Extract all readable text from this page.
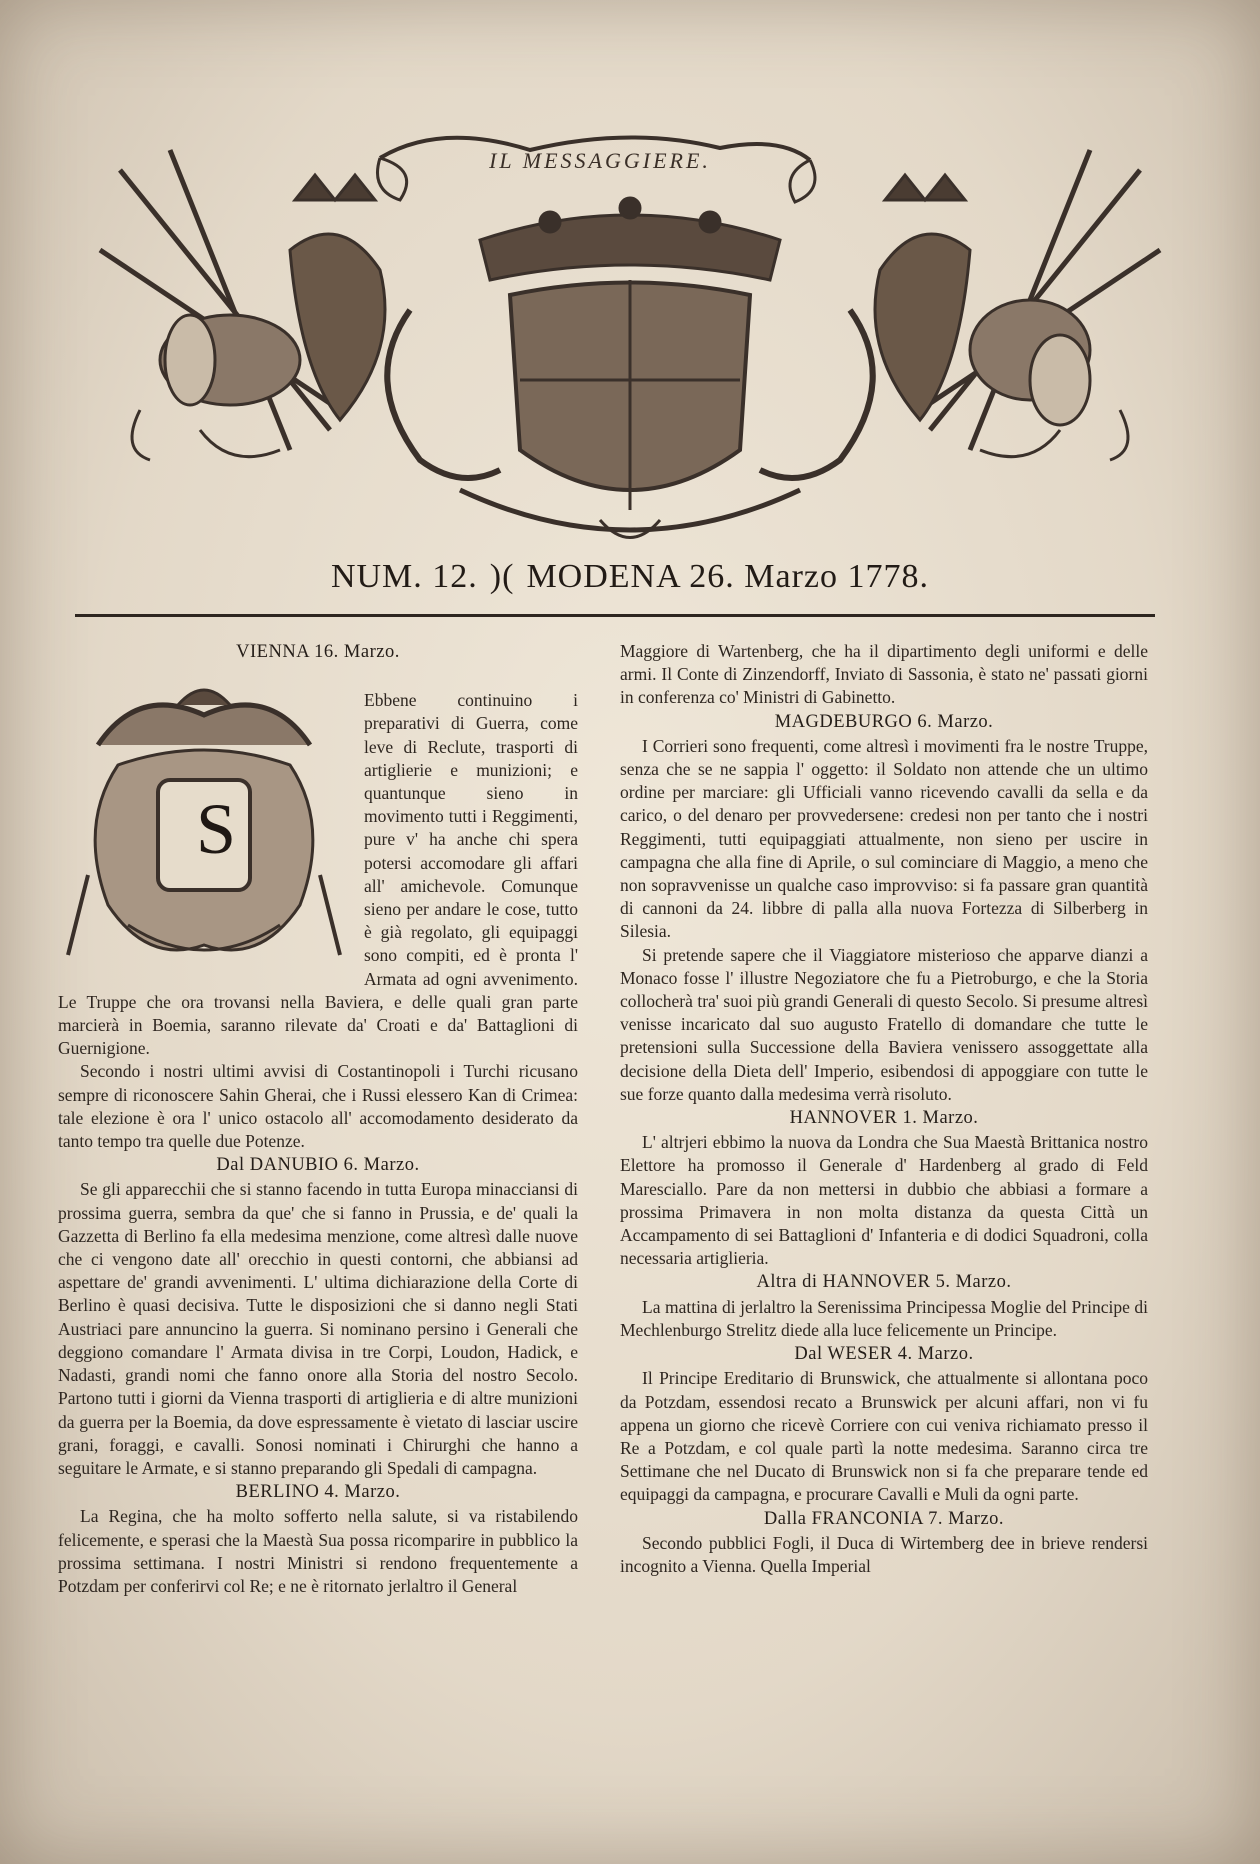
IL MESSAGGIERE.
NUM. 12. )( MODENA 26. Marzo 1778.
VIENNA 16. Marzo.
S

Ebbene continuino i preparativi di Guerra, come leve di Reclute, trasporti di artiglierie e munizioni; e quantunque sieno in movimento tutti i Reggimenti, pure v' ha anche chi spera potersi accomodare gli affari all' amichevole. Comunque sieno per andare le cose, tutto è già regolato, gli equipaggi sono compiti, ed è pronta l' Armata ad ogni avvenimento. Le Truppe che ora trovansi nella Baviera, e delle quali gran parte marcierà in Boemia, saranno rilevate da' Croati e da' Battaglioni di Guernigione.

Secondo i nostri ultimi avvisi di Costantinopoli i Turchi ricusano sempre di riconoscere Sahin Gherai, che i Russi elessero Kan di Crimea: tale elezione è ora l' unico ostacolo all' accomodamento desiderato da tanto tempo tra quelle due Potenze.

Dal DANUBIO 6. Marzo.

Se gli apparecchii che si stanno facendo in tutta Europa minacciansi di prossima guerra, sembra da que' che si fanno in Prussia, e de' quali la Gazzetta di Berlino fa ella medesima menzione, come altresì dalle nuove che ci vengono date all' orecchio in questi contorni, che abbiansi ad aspettare de' grandi avvenimenti. L' ultima dichiarazione della Corte di Berlino è quasi decisiva. Tutte le disposizioni che si danno negli Stati Austriaci pare annuncino la guerra. Si nominano persino i Generali che deggiono comandare l' Armata divisa in tre Corpi, Loudon, Hadick, e Nadasti, grandi nomi che fanno onore alla Storia del nostro Secolo. Partono tutti i giorni da Vienna trasporti di artiglieria e di altre munizioni da guerra per la Boemia, da dove espressamente è vietato di lasciar uscire grani, foraggi, e cavalli. Sonosi nominati i Chirurghi che hanno a seguitare le Armate, e si stanno preparando gli Spedali di campagna.

BERLINO 4. Marzo.

La Regina, che ha molto sofferto nella salute, si va ristabilendo felicemente, e sperasi che la Maestà Sua possa ricomparire in pubblico la prossima settimana. I nostri Ministri si rendono frequentemente a Potzdam per conferirvi col Re; e ne è ritornato jerlaltro il General

Maggiore di Wartenberg, che ha il dipartimento degli uniformi e delle armi. Il Conte di Zinzendorff, Inviato di Sassonia, è stato ne' passati giorni in conferenza co' Ministri di Gabinetto.

MAGDEBURGO 6. Marzo.

I Corrieri sono frequenti, come altresì i movimenti fra le nostre Truppe, senza che se ne sappia l' oggetto: il Soldato non attende che un ultimo ordine per marciare: gli Ufficiali vanno ricevendo cavalli da sella e da carico, o del denaro per provvedersene: credesi non per tanto che i nostri Reggimenti, tutti equipaggiati attualmente, non sieno per uscire in campagna che alla fine di Aprile, o sul cominciare di Maggio, a meno che non sopravvenisse un qualche caso improvviso: si fa passare gran quantità di cannoni da 24. libbre di palla alla nuova Fortezza di Silberberg in Silesia.

Si pretende sapere che il Viaggiatore misterioso che apparve dianzi a Monaco fosse l' illustre Negoziatore che fu a Pietroburgo, e che la Storia collocherà tra' suoi più grandi Generali di questo Secolo. Si presume altresì venisse incaricato dal suo augusto Fratello di domandare che tutte le pretensioni sulla Successione della Baviera venissero assoggettate alla decisione della Dieta dell' Imperio, esibendosi di appoggiare con tutte le sue forze quanto dalla medesima verrà risoluto.

HANNOVER 1. Marzo.

L' altrjeri ebbimo la nuova da Londra che Sua Maestà Brittanica nostro Elettore ha promosso il Generale d' Hardenberg al grado di Feld Maresciallo. Pare da non mettersi in dubbio che abbiasi a formare a prossima Primavera in non molta distanza da questa Città un Accampamento di sei Battaglioni d' Infanteria e di dodici Squadroni, colla necessaria artiglieria.

Altra di HANNOVER 5. Marzo.

La mattina di jerlaltro la Serenissima Principessa Moglie del Principe di Mechlenburgo Strelitz diede alla luce felicemente un Principe.

Dal WESER 4. Marzo.

Il Principe Ereditario di Brunswick, che attualmente si allontana poco da Potzdam, essendosi recato a Brunswick per alcuni affari, non vi fu appena un giorno che ricevè Corriere con cui veniva richiamato presso il Re a Potzdam, e col quale partì la notte medesima. Saranno circa tre Settimane che nel Ducato di Brunswick non si fa che preparare tende ed equipaggi da campagna, e procurare Cavalli e Muli da ogni parte.

Dalla FRANCONIA 7. Marzo.

Secondo pubblici Fogli, il Duca di Wirtemberg dee in brieve rendersi incognito a Vienna. Quella Imperial
